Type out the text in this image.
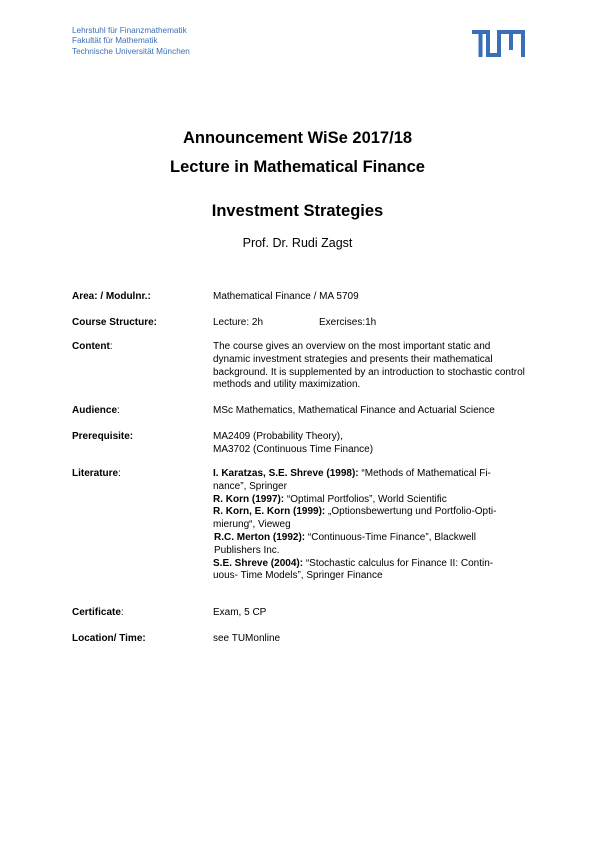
Lehrstuhl für Finanzmathematik
Fakultät für Mathematik
Technische Universität München
Announcement WiSe 2017/18
Lecture in Mathematical Finance
Investment Strategies
Prof. Dr. Rudi Zagst
Area: / Modulnr.:	Mathematical Finance / MA 5709
Course Structure:	Lecture: 2h	Exercises:1h
Content:	The course gives an overview on the most important static and dynamic investment strategies and presents their mathematical background. It is supplemented by an introduction to stochastic control methods and utility maximization.
Audience:	MSc Mathematics, Mathematical Finance and Actuarial Science
Prerequisite:	MA2409 (Probability Theory),
MA3702 (Continuous Time Finance)
Literature:	I. Karatzas, S.E. Shreve (1998): “Methods of Mathematical Fi-
nance”, Springer
R. Korn (1997): “Optimal Portfolios”, World Scientific
R. Korn, E. Korn (1999): „Optionsbewertung und Portfolio-Opti-
mierung“, Vieweg
R.C. Merton (1992): “Continuous-Time Finance”, Blackwell
Publishers Inc.
S.E. Shreve (2004): “Stochastic calculus for Finance II: Contin-
uous- Time Models”, Springer Finance
Certificate:	Exam, 5 CP
Location/ Time:	see TUMonline
